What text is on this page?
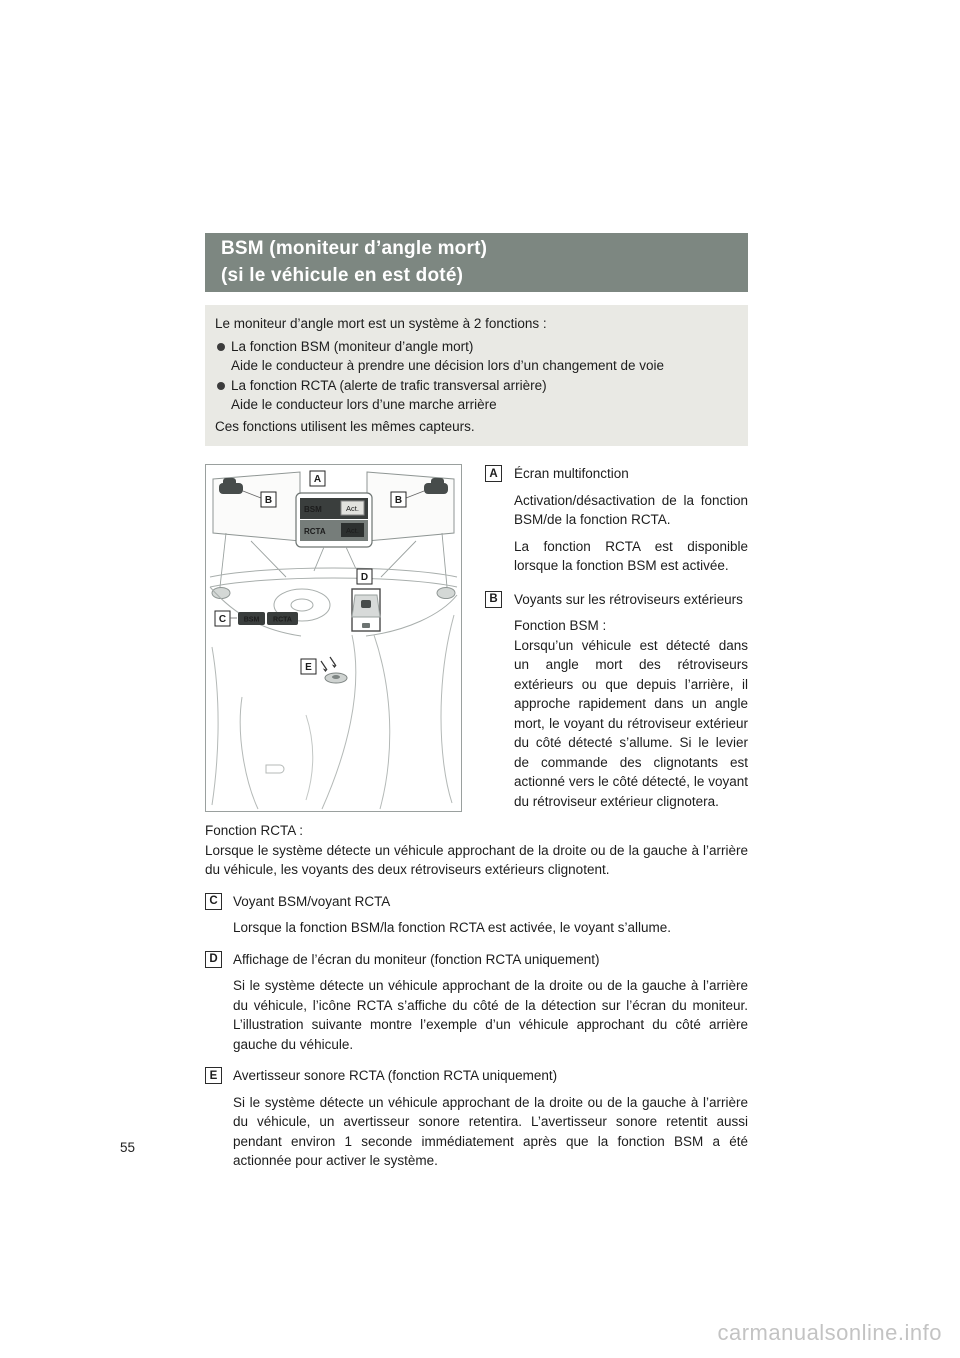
BSM (moniteur d’angle mort)
(si le véhicule en est doté)
Le moniteur d’angle mort est un système à 2 fonctions :
La fonction BSM (moniteur d’angle mort)
Aide le conducteur à prendre une décision lors d’un changement de voie
La fonction RCTA (alerte de trafic transversal arrière)
Aide le conducteur lors d’une marche arrière
Ces fonctions utilisent les mêmes capteurs.
B	B
A
BSM	Act.
RCTA	Act.
D
C	BSM RCTA
E
A	Écran multifonction

Activation/désactivation de la fonction BSM/de la fonction RCTA.

La fonction RCTA est disponible lorsque la fonction BSM est activée.

B	Voyants sur les rétroviseurs extérieurs

Fonction BSM :

Lorsqu’un véhicule est détecté dans un angle mort des rétroviseurs extérieurs ou que depuis l’arrière, il approche rapidement dans un angle mort, le voyant du rétroviseur extérieur du côté détecté s’allume. Si le levier de commande des clignotants est actionné vers le côté détecté, le voyant du rétroviseur extérieur clignotera.

Fonction RCTA :
Lorsque le système détecte un véhicule approchant de la droite ou de la gauche à l’arrière du véhicule, les voyants des deux rétroviseurs extérieurs clignotent.
C	Voyant BSM/voyant RCTA

Lorsque la fonction BSM/la fonction RCTA est activée, le voyant s’allume.

D	Affichage de l’écran du moniteur (fonction RCTA uniquement)

Si le système détecte un véhicule approchant de la droite ou de la gauche à l’arrière du véhicule, l’icône RCTA s’affiche du côté de la détection sur l’écran du moniteur. L’illustration suivante montre l’exemple d’un véhicule approchant du côté arrière gauche du véhicule.

E	Avertisseur sonore RCTA (fonction RCTA uniquement)

Si le système détecte un véhicule approchant de la droite ou de la gauche à l’arrière du véhicule, un avertisseur sonore retentira. L’avertisseur sonore retentit aussi pendant environ 1 seconde immédiatement après que la fonction BSM a été actionnée pour activer le système.

55
carmanualsonline.info
